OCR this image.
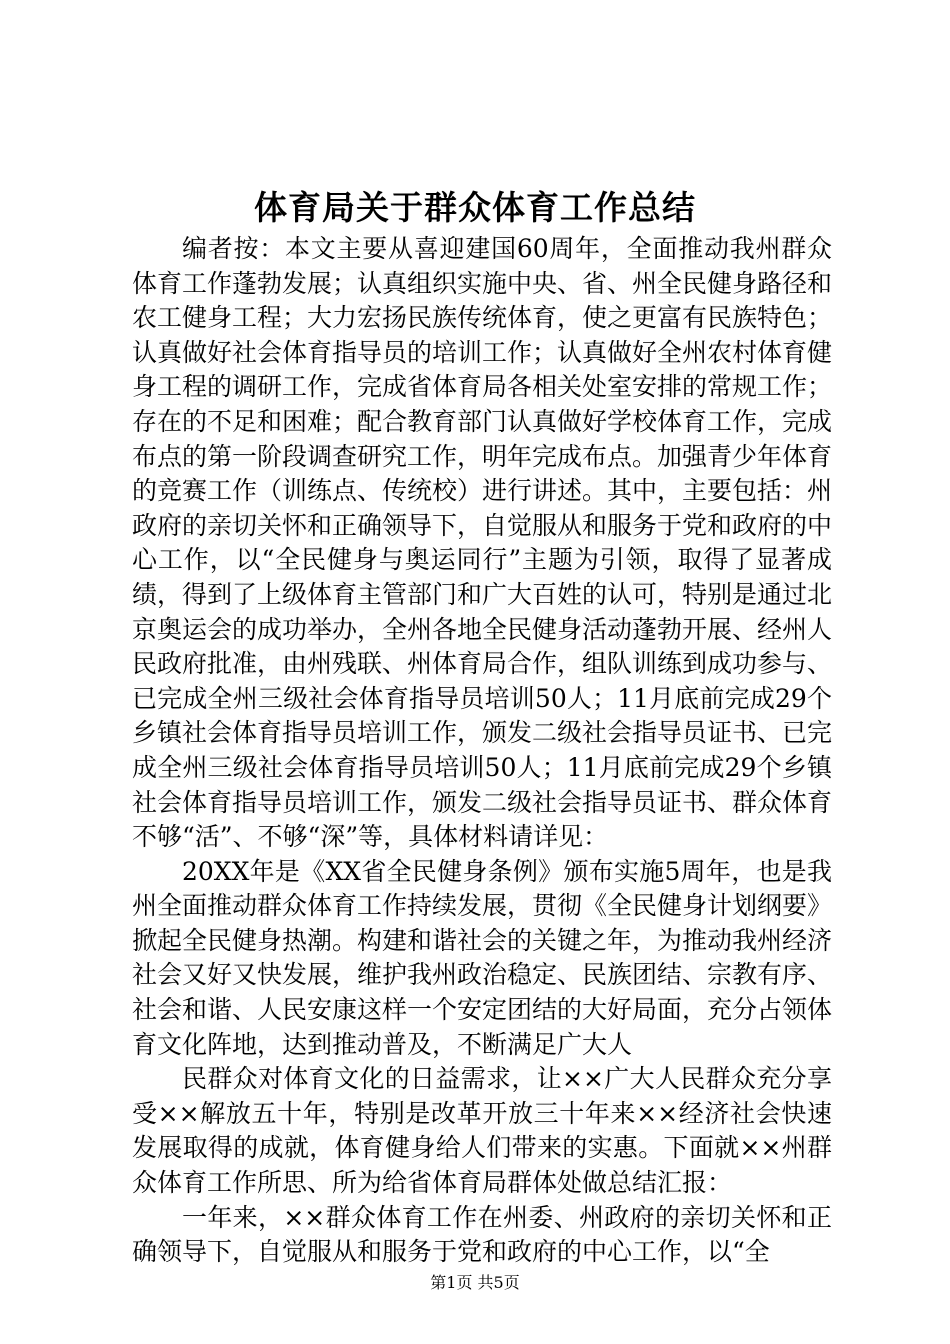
体育局关于群众体育工作总结

编者按：本文主要从喜迎建国60周年，全面推动我州群众体育工作蓬勃发展；认真组织实施中央、省、州全民健身路径和农工健身工程；大力宏扬民族传统体育，使之更富有民族特色；认真做好社会体育指导员的培训工作；认真做好全州农村体育健身工程的调研工作，完成省体育局各相关处室安排的常规工作；存在的不足和困难；配合教育部门认真做好学校体育工作，完成布点的第一阶段调查研究工作，明年完成布点。加强青少年体育的竞赛工作（训练点、传统校）进行讲述。其中，主要包括：州政府的亲切关怀和正确领导下，自觉服从和服务于党和政府的中心工作，以“全民健身与奥运同行”主题为引领，取得了显著成绩，得到了上级体育主管部门和广大百姓的认可，特别是通过北京奥运会的成功举办，全州各地全民健身活动蓬勃开展、经州人民政府批准，由州残联、州体育局合作，组队训练到成功参与、已完成全州三级社会体育指导员培训50人；11月底前完成29个乡镇社会体育指导员培训工作，颁发二级社会指导员证书、已完成全州三级社会体育指导员培训50人；11月底前完成29个乡镇社会体育指导员培训工作，颁发二级社会指导员证书、群众体育不够“活”、不够“深”等，具体材料请详见：

20XX年是《XX省全民健身条例》颁布实施5周年，也是我州全面推动群众体育工作持续发展，贯彻《全民健身计划纲要》掀起全民健身热潮。构建和谐社会的关键之年，为推动我州经济社会又好又快发展，维护我州政治稳定、民族团结、宗教有序、社会和谐、人民安康这样一个安定团结的大好局面，充分占领体育文化阵地，达到推动普及，不断满足广大人

民群众对体育文化的日益需求，让××广大人民群众充分享受××解放五十年，特别是改革开放三十年来××经济社会快速发展取得的成就，体育健身给人们带来的实惠。下面就××州群众体育工作所思、所为给省体育局群体处做总结汇报：

一年来，××群众体育工作在州委、州政府的亲切关怀和正确领导下，自觉服从和服务于党和政府的中心工作，以“全

第1页 共5页
